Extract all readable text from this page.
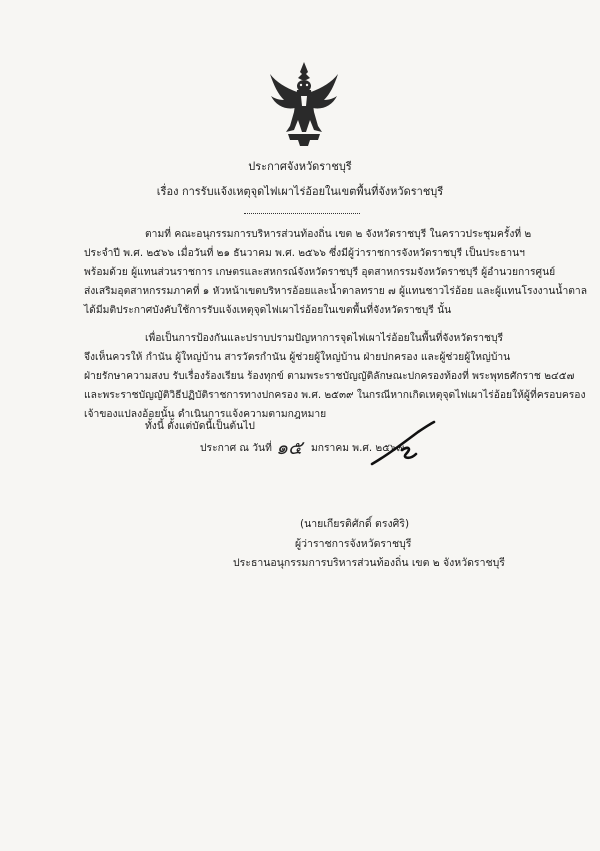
ประกาศจังหวัดราชบุรี
เรื่อง การรับแจ้งเหตุจุดไฟเผาไร่อ้อยในเขตพื้นที่จังหวัดราชบุรี
ตามที่ คณะอนุกรรมการบริหารส่วนท้องถิ่น เขต ๒ จังหวัดราชบุรี ในคราวประชุมครั้งที่ ๒
ประจำปี พ.ศ. ๒๕๖๖ เมื่อวันที่ ๒๑ ธันวาคม พ.ศ. ๒๕๖๖ ซึ่งมีผู้ว่าราชการจังหวัดราชบุรี เป็นประธานฯ
พร้อมด้วย ผู้แทนส่วนราชการ เกษตรและสหกรณ์จังหวัดราชบุรี อุตสาหกรรมจังหวัดราชบุรี ผู้อำนวยการศูนย์
ส่งเสริมอุตสาหกรรมภาคที่ ๑ หัวหน้าเขตบริหารอ้อยและน้ำตาลทราย ๗ ผู้แทนชาวไร่อ้อย และผู้แทนโรงงานน้ำตาล
ได้มีมติประกาศบังคับใช้การรับแจ้งเหตุจุดไฟเผาไร่อ้อยในเขตพื้นที่จังหวัดราชบุรี นั้น
เพื่อเป็นการป้องกันและปราบปรามปัญหาการจุดไฟเผาไร่อ้อยในพื้นที่จังหวัดราชบุรี
จึงเห็นควรให้ กำนัน ผู้ใหญ่บ้าน สารวัตรกำนัน ผู้ช่วยผู้ใหญ่บ้าน ฝ่ายปกครอง และผู้ช่วยผู้ใหญ่บ้าน
ฝ่ายรักษาความสงบ รับเรื่องร้องเรียน ร้องทุกข์ ตามพระราชบัญญัติลักษณะปกครองท้องที่ พระพุทธศักราช ๒๔๕๗
และพระราชบัญญัติวิธีปฏิบัติราชการทางปกครอง พ.ศ. ๒๕๓๙ ในกรณีหากเกิดเหตุจุดไฟเผาไร่อ้อยให้ผู้ที่ครอบครอง
เจ้าของแปลงอ้อยนั้น ดำเนินการแจ้งความตามกฎหมาย
ทั้งนี้ ตั้งแต่บัดนี้เป็นต้นไป
ประกาศ ณ วันที่ ๑๕ มกราคม พ.ศ. ๒๕๖๗
(นายเกียรติศักดิ์ ตรงศิริ)
ผู้ว่าราชการจังหวัดราชบุรี
ประธานอนุกรรมการบริหารส่วนท้องถิ่น เขต ๒ จังหวัดราชบุรี
